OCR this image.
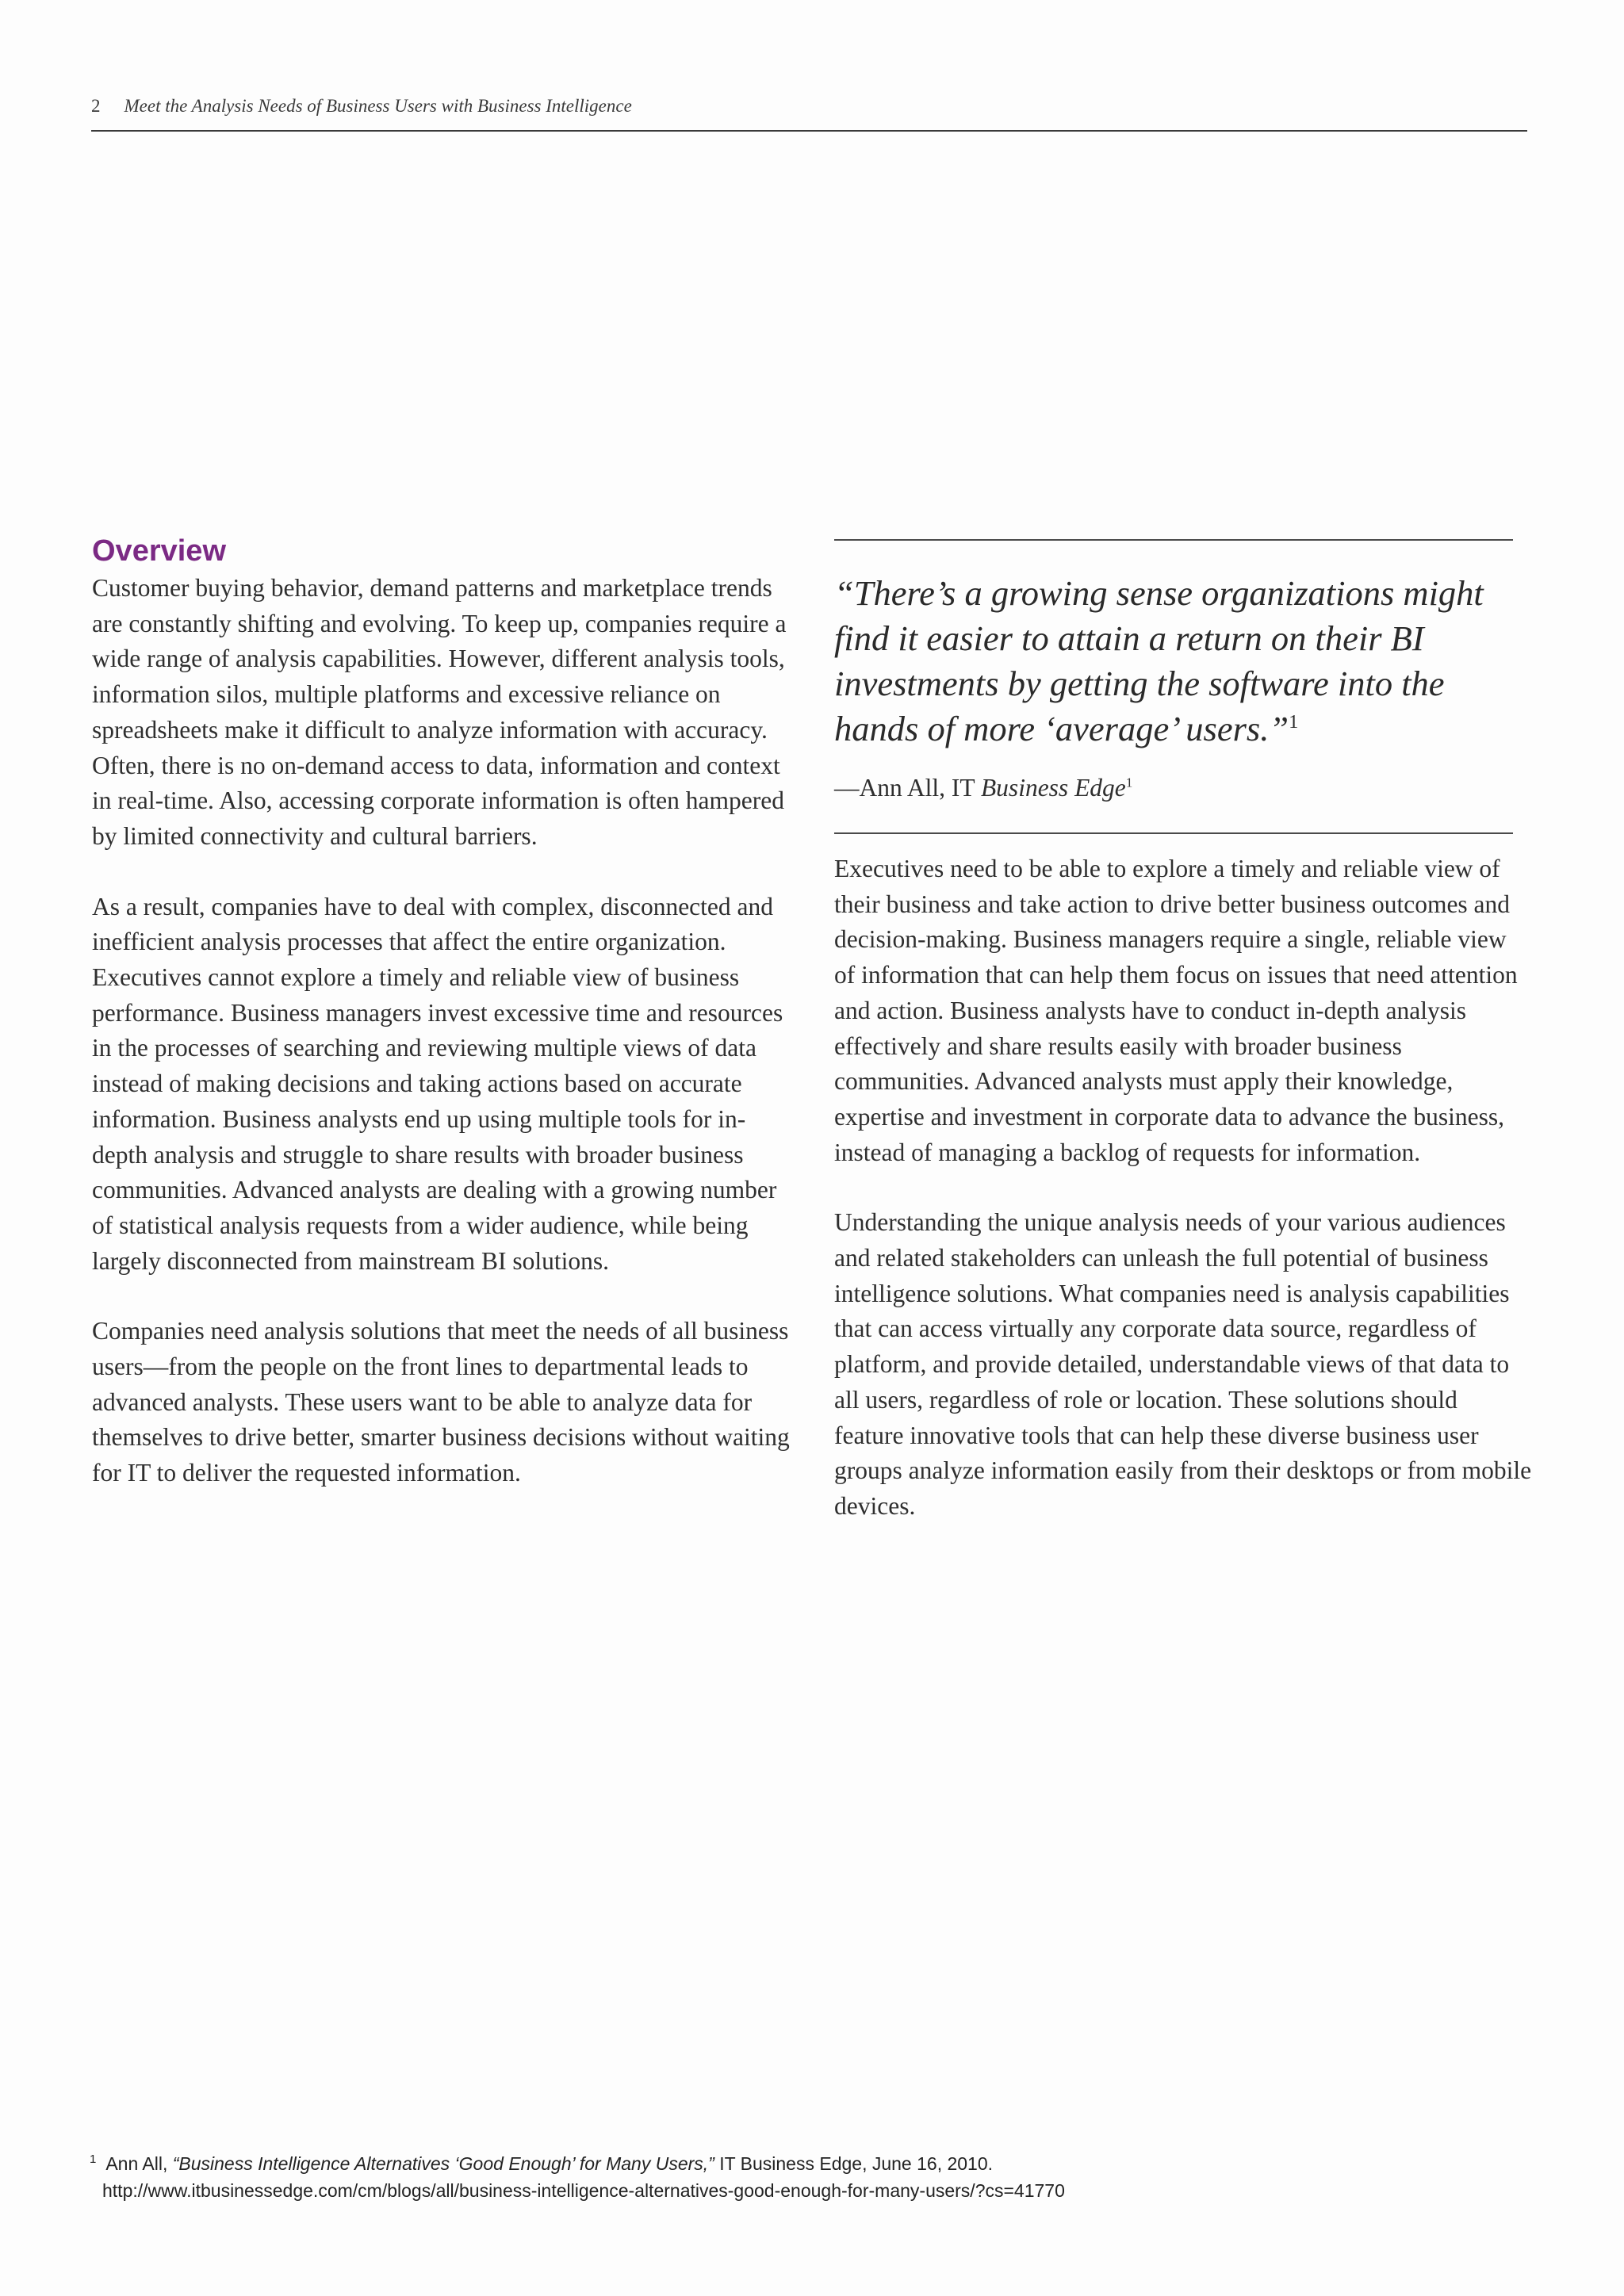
2 Meet the Analysis Needs of Business Users with Business Intelligence
Overview

Customer buying behavior, demand patterns and marketplace trends are constantly shifting and evolving. To keep up, companies require a wide range of analysis capabilities. However, different analysis tools, information silos, multiple platforms and excessive reliance on spreadsheets make it difficult to analyze information with accuracy. Often, there is no on-demand access to data, information and context in real-time. Also, accessing corporate information is often hampered by limited connectivity and cultural barriers.

As a result, companies have to deal with complex, disconnected and inefficient analysis processes that affect the entire organization. Executives cannot explore a timely and reliable view of business performance. Business managers invest excessive time and resources in the processes of searching and reviewing multiple views of data instead of making decisions and taking actions based on accurate information. Business analysts end up using multiple tools for in-depth analysis and struggle to share results with broader business communities. Advanced analysts are dealing with a growing number of statistical analysis requests from a wider audience, while being largely disconnected from mainstream BI solutions.

Companies need analysis solutions that meet the needs of all business users—from the people on the front lines to departmental leads to advanced analysts. These users want to be able to analyze data for themselves to drive better, smarter business decisions without waiting for IT to deliver the requested information.

“There’s a growing sense organizations might find it easier to attain a return on their BI investments by getting the software into the hands of more ‘average’ users.”$^1$

—Ann All, IT Business Edge$^1$

Executives need to be able to explore a timely and reliable view of their business and take action to drive better business outcomes and decision-making. Business managers require a single, reliable view of information that can help them focus on issues that need attention and action. Business analysts have to conduct in-depth analysis effectively and share results easily with broader business communities. Advanced analysts must apply their knowledge, expertise and investment in corporate data to advance the business, instead of managing a backlog of requests for information.

Understanding the unique analysis needs of your various audiences and related stakeholders can unleash the full potential of business intelligence solutions. What companies need is analysis capabilities that can access virtually any corporate data source, regardless of platform, and provide detailed, understandable views of that data to all users, regardless of role or location. These solutions should feature innovative tools that can help these diverse business user groups analyze information easily from their desktops or from mobile devices.

$^1$ Ann All, “Business Intelligence Alternatives ‘Good Enough’ for Many Users,” IT Business Edge, June 16, 2010.
http://www.itbusinessedge.com/cm/blogs/all/business-intelligence-alternatives-good-enough-for-many-users/?cs=41770
